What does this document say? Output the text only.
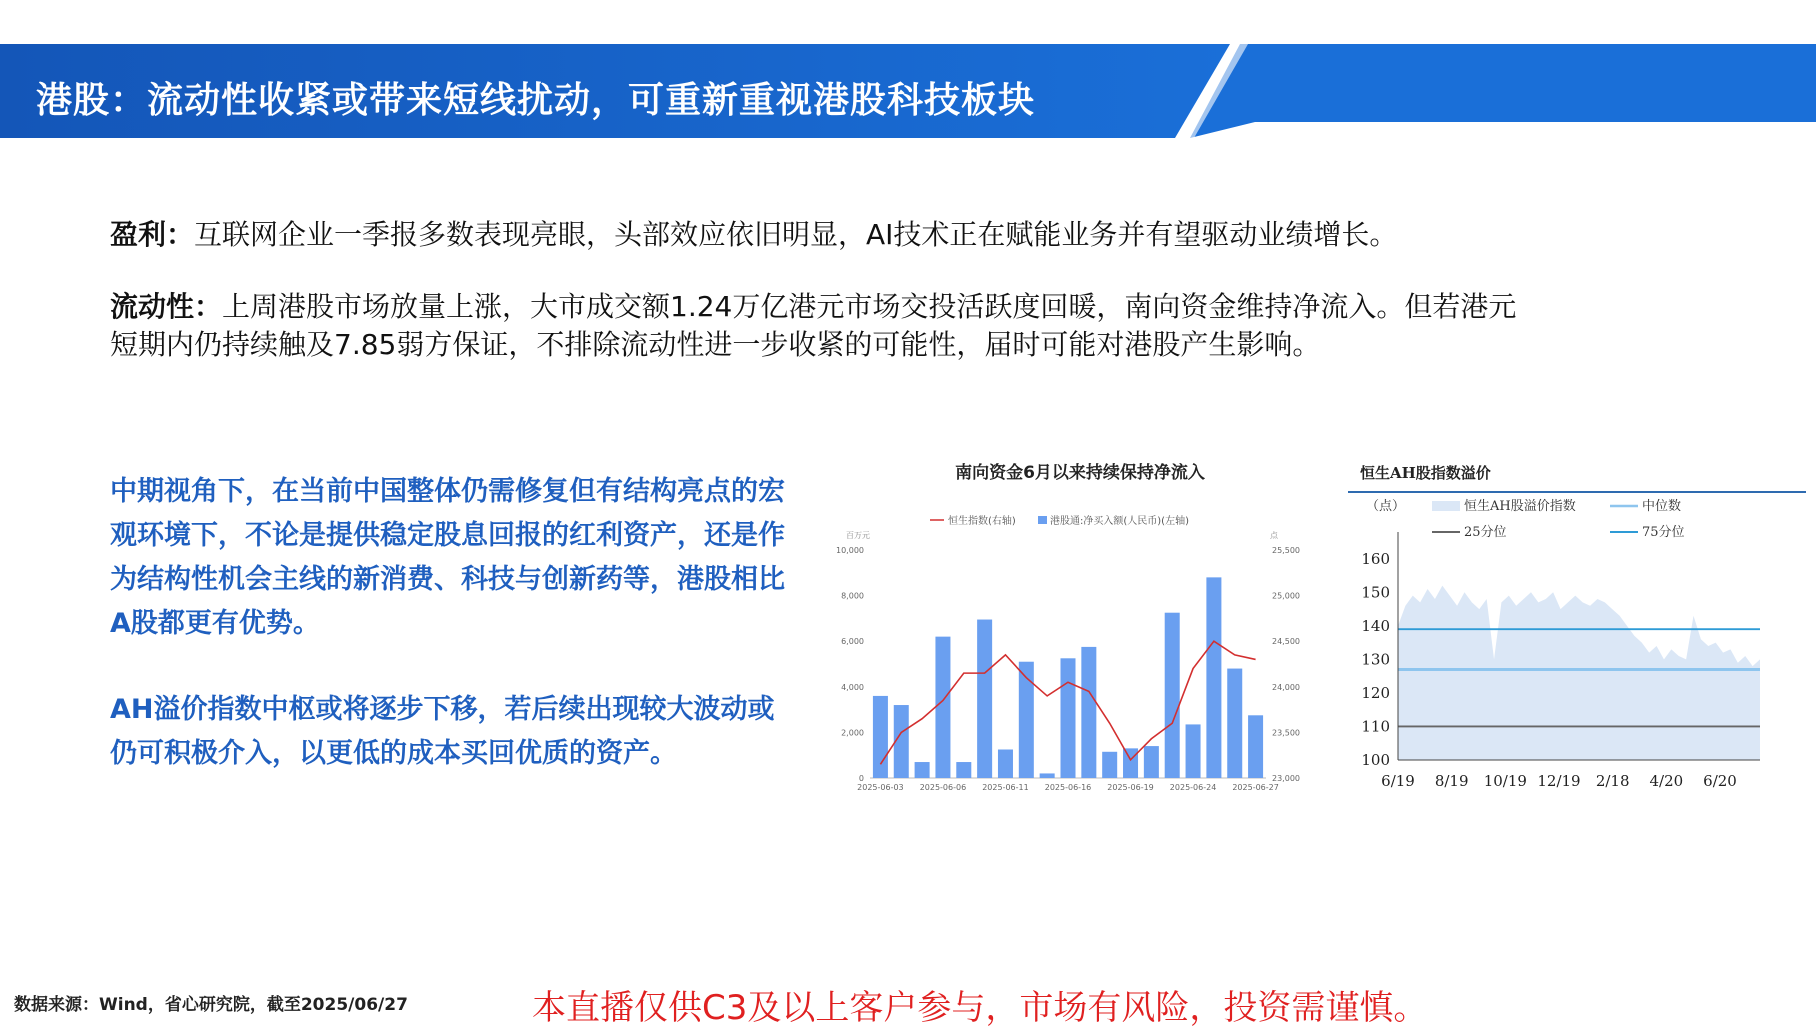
港股：流动性收紧或带来短线扰动，可重新重视港股科技板块
盈利：互联网企业一季报多数表现亮眼，头部效应依旧明显，AI技术正在赋能业务并有望驱动业绩增长。
流动性：上周港股市场放量上涨，大市成交额1.24万亿港元市场交投活跃度回暖，南向资金维持净流入。但若港元
短期内仍持续触及7.85弱方保证，不排除流动性进一步收紧的可能性，届时可能对港股产生影响。
中期视角下，在当前中国整体仍需修复但有结构亮点的宏观环境下，不论是提供稳定股息回报的红利资产，还是作为结构性机会主线的新消费、科技与创新药等，港股相比A股都更有优势。
AH溢价指数中枢或将逐步下移，若后续出现较大波动或仍可积极介入，以更低的成本买回优质的资产。
南向资金6月以来持续保持净流入
恒生指数(右轴)	港股通:净买入额(人民币)(左轴)
百万元	点
0
2,000
4,000
6,000
8,000
10,000
23,000
23,500
24,000
24,500
25,000
25,500
2025-06-03 2025-06-06 2025-06-11 2025-06-16 2025-06-19 2025-06-24 2025-06-27
恒生AH股指数溢价
（点）	恒生AH股溢价指数	中位数
25分位	75分位
100
110
120
130
140
150
160
6/19 8/19 10/19 12/19 2/18 4/20 6/20
数据来源：Wind，省心研究院，截至2025/06/27	本直播仅供C3及以上客户参与，市场有风险，投资需谨慎。
